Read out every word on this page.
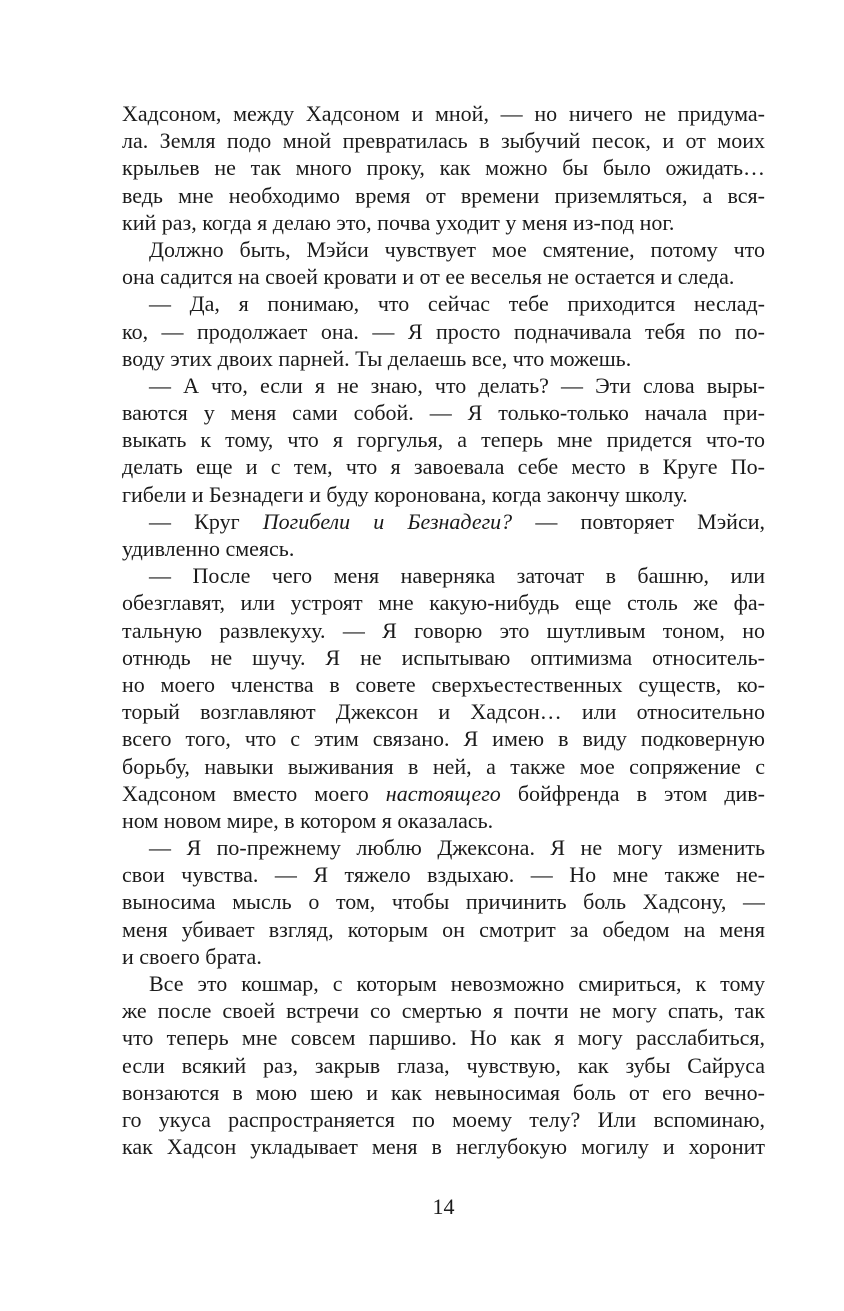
Хадсоном, между Хадсоном и мной, — но ничего не придума-
ла. Земля подо мной превратилась в зыбучий песок, и от моих
крыльев не так много проку, как можно бы было ожидать…
ведь мне необходимо время от времени приземляться, а вся-
кий раз, когда я делаю это, почва уходит у меня из-под ног.
Должно быть, Мэйси чувствует мое смятение, потому что
она садится на своей кровати и от ее веселья не остается и следа.
— Да, я понимаю, что сейчас тебе приходится неслад-
ко, — продолжает она. — Я просто подначивала тебя по по-
воду этих двоих парней. Ты делаешь все, что можешь.
— А что, если я не знаю, что делать? — Эти слова выры-
ваются у меня сами собой. — Я только-только начала при-
выкать к тому, что я горгулья, а теперь мне придется что-то
делать еще и с тем, что я завоевала себе место в Круге По-
гибели и Безнадеги и буду коронована, когда закончу школу.
— Круг Погибели и Безнадеги? — повторяет Мэйси,
удивленно смеясь.
— После чего меня наверняка заточат в башню, или
обезглавят, или устроят мне какую-нибудь еще столь же фа-
тальную развлекуху. — Я говорю это шутливым тоном, но
отнюдь не шучу. Я не испытываю оптимизма относитель-
но моего членства в совете сверхъестественных существ, ко-
торый возглавляют Джексон и Хадсон… или относительно
всего того, что с этим связано. Я имею в виду подковерную
борьбу, навыки выживания в ней, а также мое сопряжение с
Хадсоном вместо моего настоящего бойфренда в этом див-
ном новом мире, в котором я оказалась.
— Я по-прежнему люблю Джексона. Я не могу изменить
свои чувства. — Я тяжело вздыхаю. — Но мне также не-
выносима мысль о том, чтобы причинить боль Хадсону, —
меня убивает взгляд, которым он смотрит за обедом на меня
и своего брата.
Все это кошмар, с которым невозможно смириться, к тому
же после своей встречи со смертью я почти не могу спать, так
что теперь мне совсем паршиво. Но как я могу расслабиться,
если всякий раз, закрыв глаза, чувствую, как зубы Сайруса
вонзаются в мою шею и как невыносимая боль от его вечно-
го укуса распространяется по моему телу? Или вспоминаю,
как Хадсон укладывает меня в неглубокую могилу и хоронит
14
